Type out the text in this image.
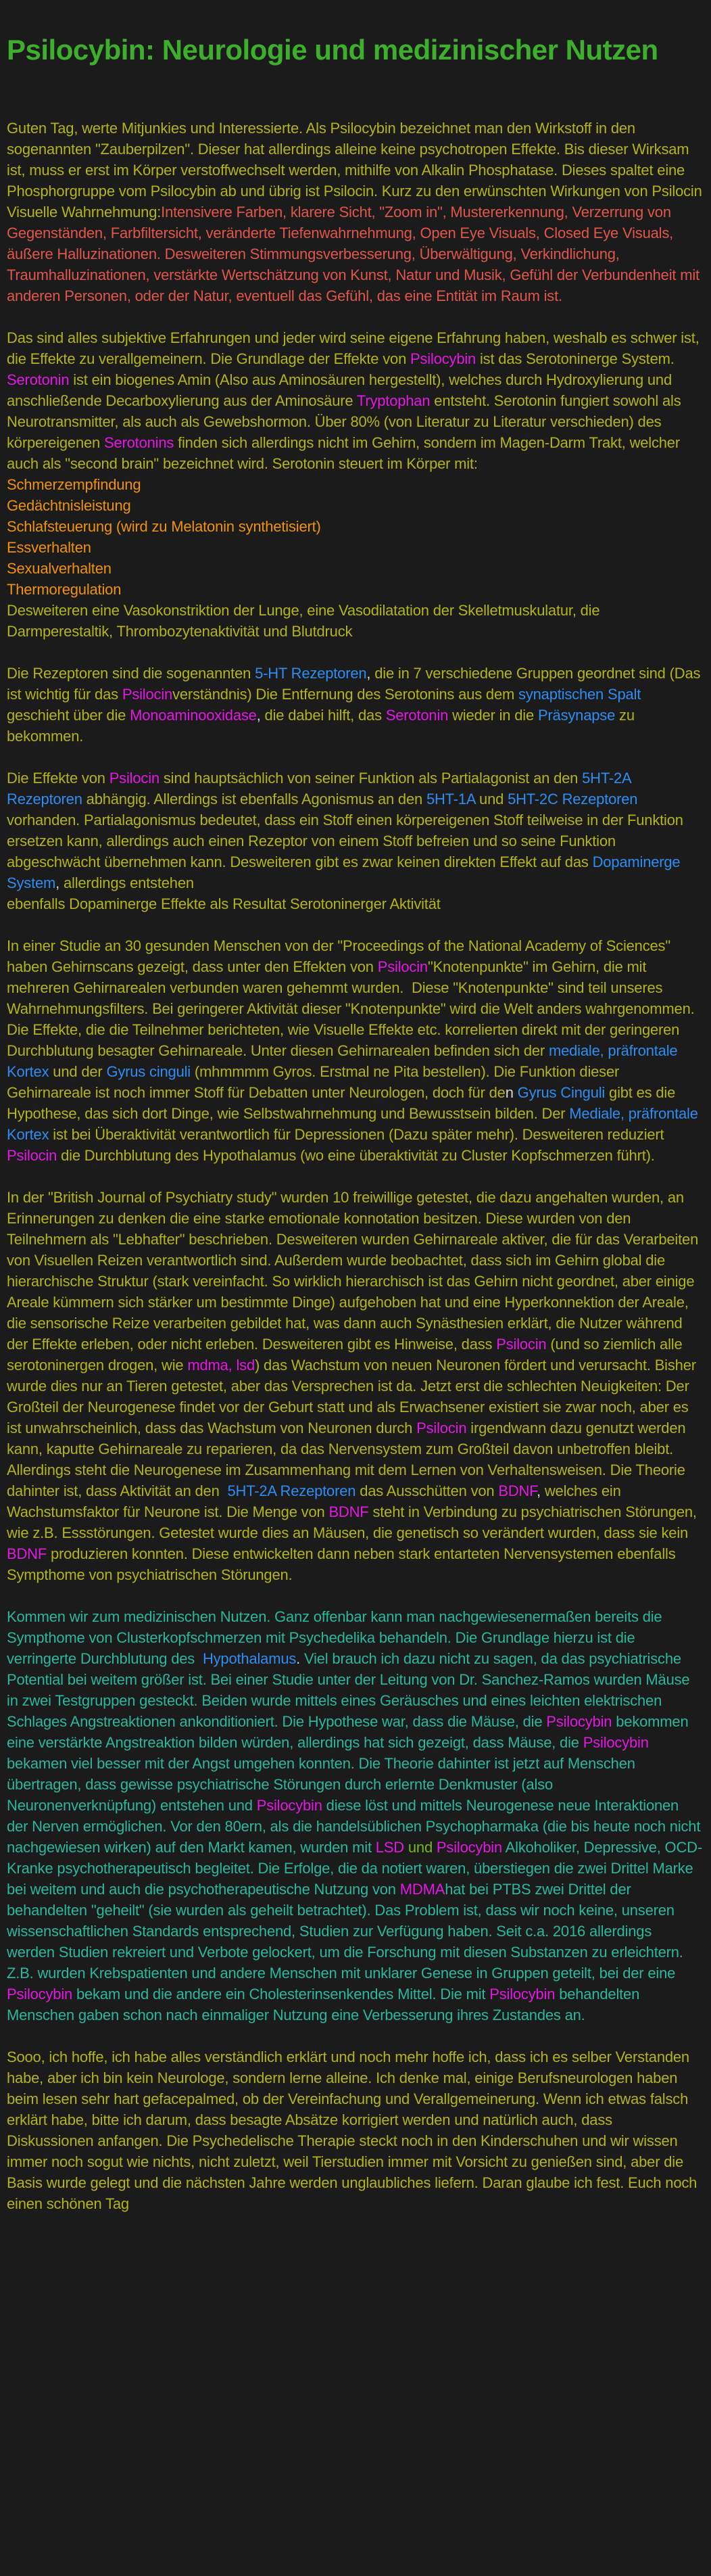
Psilocybin: Neurologie und medizinischer Nutzen

Guten Tag, werte Mitjunkies und Interessierte. Als Psilocybin bezeichnet man den Wirkstoff in den sogenannten "Zauberpilzen". Dieser hat allerdings alleine keine psychotropen Effekte. Bis dieser Wirksam ist, muss er erst im Körper verstoffwechselt werden, mithilfe von Alkalin Phosphatase. Dieses spaltet eine Phosphorgruppe vom Psilocybin ab und übrig ist Psilocin. Kurz zu den erwünschten Wirkungen von Psilocin Visuelle Wahrnehmung:Intensivere Farben, klarere Sicht, "Zoom in", Mustererkennung, Verzerrung von Gegenständen, Farbfiltersicht, veränderte Tiefenwahrnehmung, Open Eye Visuals, Closed Eye Visuals, äußere Halluzinationen. Desweiteren Stimmungsverbesserung, Überwältigung, Verkindlichung, Traumhalluzinationen, verstärkte Wertschätzung von Kunst, Natur und Musik, Gefühl der Verbundenheit mit anderen Personen, oder der Natur, eventuell das Gefühl, das eine Entität im Raum ist.

Das sind alles subjektive Erfahrungen und jeder wird seine eigene Erfahrung haben, weshalb es schwer ist, die Effekte zu verallgemeinern. Die Grundlage der Effekte von Psilocybin ist das Serotoninerge System. Serotonin ist ein biogenes Amin (Also aus Aminosäuren hergestellt), welches durch Hydroxylierung und anschließende Decarboxylierung aus der Aminosäure Tryptophan entsteht. Serotonin fungiert sowohl als Neurotransmitter, als auch als Gewebshormon. Über 80% (von Literatur zu Literatur verschieden) des körpereigenen Serotonins finden sich allerdings nicht im Gehirn, sondern im Magen-Darm Trakt, welcher auch als "second brain" bezeichnet wird. Serotonin steuert im Körper mit:
Schmerzempfindung
Gedächtnisleistung
Schlafsteuerung (wird zu Melatonin synthetisiert)
Essverhalten
Sexualverhalten
Thermoregulation
Desweiteren eine Vasokonstriktion der Lunge, eine Vasodilatation der Skelletmuskulatur, die Darmperestaltik, Thrombozytenaktivität und Blutdruck

Die Rezeptoren sind die sogenannten 5-HT Rezeptoren, die in 7 verschiedene Gruppen geordnet sind (Das ist wichtig für das Psilocinverständnis) Die Entfernung des Serotonins aus dem synaptischen Spalt geschieht über die Monoaminooxidase, die dabei hilft, das Serotonin wieder in die Präsynapse zu bekommen.

Die Effekte von Psilocin sind hauptsächlich von seiner Funktion als Partialagonist an den 5HT-2A Rezeptoren abhängig. Allerdings ist ebenfalls Agonismus an den 5HT-1A und 5HT-2C Rezeptoren vorhanden. Partialagonismus bedeutet, dass ein Stoff einen körpereigenen Stoff teilweise in der Funktion ersetzen kann, allerdings auch einen Rezeptor von einem Stoff befreien und so seine Funktion abgeschwächt übernehmen kann. Desweiteren gibt es zwar keinen direkten Effekt auf das Dopaminerge System, allerdings entstehen
ebenfalls Dopaminerge Effekte als Resultat Serotoninerger Aktivität

In einer Studie an 30 gesunden Menschen von der "Proceedings of the National Academy of Sciences" haben Gehirnscans gezeigt, dass unter den Effekten von Psilocin"Knotenpunkte" im Gehirn, die mit mehreren Gehirnarealen verbunden waren gehemmt wurden.  Diese "Knotenpunkte" sind teil unseres Wahrnehmungsfilters. Bei geringerer Aktivität dieser "Knotenpunkte" wird die Welt anders wahrgenommen. Die Effekte, die die Teilnehmer berichteten, wie Visuelle Effekte etc. korrelierten direkt mit der geringeren Durchblutung besagter Gehirnareale. Unter diesen Gehirnarealen befinden sich der mediale, präfrontale Kortex und der Gyrus cinguli (mhmmmm Gyros. Erstmal ne Pita bestellen). Die Funktion dieser Gehirnareale ist noch immer Stoff für Debatten unter Neurologen, doch für den Gyrus Cinguli gibt es die Hypothese, das sich dort Dinge, wie Selbstwahrnehmung und Bewusstsein bilden. Der Mediale, präfrontale Kortex ist bei Überaktivität verantwortlich für Depressionen (Dazu später mehr). Desweiteren reduziert Psilocin die Durchblutung des Hypothalamus (wo eine überaktivität zu Cluster Kopfschmerzen führt).

In der "British Journal of Psychiatry study" wurden 10 freiwillige getestet, die dazu angehalten wurden, an Erinnerungen zu denken die eine starke emotionale konnotation besitzen. Diese wurden von den Teilnehmern als "Lebhafter" beschrieben. Desweiteren wurden Gehirnareale aktiver, die für das Verarbeiten von Visuellen Reizen verantwortlich sind. Außerdem wurde beobachtet, dass sich im Gehirn global die hierarchische Struktur (stark vereinfacht. So wirklich hierarchisch ist das Gehirn nicht geordnet, aber einige Areale kümmern sich stärker um bestimmte Dinge) aufgehoben hat und eine Hyperkonnektion der Areale, die sensorische Reize verarbeiten gebildet hat, was dann auch Synästhesien erklärt, die Nutzer während der Effekte erleben, oder nicht erleben. Desweiteren gibt es Hinweise, dass Psilocin (und so ziemlich alle serotoninergen drogen, wie mdma, lsd) das Wachstum von neuen Neuronen fördert und verursacht. Bisher wurde dies nur an Tieren getestet, aber das Versprechen ist da. Jetzt erst die schlechten Neuigkeiten: Der Großteil der Neurogenese findet vor der Geburt statt und als Erwachsener existiert sie zwar noch, aber es ist unwahrscheinlich, dass das Wachstum von Neuronen durch Psilocin irgendwann dazu genutzt werden kann, kaputte Gehirnareale zu reparieren, da das Nervensystem zum Großteil davon unbetroffen bleibt. Allerdings steht die Neurogenese im Zusammenhang mit dem Lernen von Verhaltensweisen. Die Theorie dahinter ist, dass Aktivität an den  5HT-2A Rezeptoren das Ausschütten von BDNF, welches ein Wachstumsfaktor für Neurone ist. Die Menge von BDNF steht in Verbindung zu psychiatrischen Störungen, wie z.B. Essstörungen. Getestet wurde dies an Mäusen, die genetisch so verändert wurden, dass sie kein BDNF produzieren konnten. Diese entwickelten dann neben stark entarteten Nervensystemen ebenfalls Sympthome von psychiatrischen Störungen.

Kommen wir zum medizinischen Nutzen. Ganz offenbar kann man nachgewiesenermaßen bereits die Sympthome von Clusterkopfschmerzen mit Psychedelika behandeln. Die Grundlage hierzu ist die verringerte Durchblutung des  Hypothalamus. Viel brauch ich dazu nicht zu sagen, da das psychiatrische Potential bei weitem größer ist. Bei einer Studie unter der Leitung von Dr. Sanchez-Ramos wurden Mäuse in zwei Testgruppen gesteckt. Beiden wurde mittels eines Geräusches und eines leichten elektrischen Schlages Angstreaktionen ankonditioniert. Die Hypothese war, dass die Mäuse, die Psilocybin bekommen eine verstärkte Angstreaktion bilden würden, allerdings hat sich gezeigt, dass Mäuse, die Psilocybin bekamen viel besser mit der Angst umgehen konnten. Die Theorie dahinter ist jetzt auf Menschen übertragen, dass gewisse psychiatrische Störungen durch erlernte Denkmuster (also Neuronenverknüpfung) entstehen und Psilocybin diese löst und mittels Neurogenese neue Interaktionen der Nerven ermöglichen. Vor den 80ern, als die handelsüblichen Psychopharmaka (die bis heute noch nicht nachgewiesen wirken) auf den Markt kamen, wurden mit LSD und Psilocybin Alkoholiker, Depressive, OCD-Kranke psychotherapeutisch begleitet. Die Erfolge, die da notiert waren, überstiegen die zwei Drittel Marke bei weitem und auch die psychotherapeutische Nutzung von MDMAhat bei PTBS zwei Drittel der behandelten "geheilt" (sie wurden als geheilt betrachtet). Das Problem ist, dass wir noch keine, unseren wissenschaftlichen Standards entsprechend, Studien zur Verfügung haben. Seit c.a. 2016 allerdings werden Studien rekreiert und Verbote gelockert, um die Forschung mit diesen Substanzen zu erleichtern. Z.B. wurden Krebspatienten und andere Menschen mit unklarer Genese in Gruppen geteilt, bei der eine Psilocybin bekam und die andere ein Cholesterinsenkendes Mittel. Die mit Psilocybin behandelten Menschen gaben schon nach einmaliger Nutzung eine Verbesserung ihres Zustandes an.

Sooo, ich hoffe, ich habe alles verständlich erklärt und noch mehr hoffe ich, dass ich es selber Verstanden habe, aber ich bin kein Neurologe, sondern lerne alleine. Ich denke mal, einige Berufsneurologen haben beim lesen sehr hart gefacepalmed, ob der Vereinfachung und Verallgemeinerung. Wenn ich etwas falsch erklärt habe, bitte ich darum, dass besagte Absätze korrigiert werden und natürlich auch, dass Diskussionen anfangen. Die Psychedelische Therapie steckt noch in den Kinderschuhen und wir wissen immer noch sogut wie nichts, nicht zuletzt, weil Tierstudien immer mit Vorsicht zu genießen sind, aber die Basis wurde gelegt und die nächsten Jahre werden unglaubliches liefern. Daran glaube ich fest. Euch noch einen schönen Tag
